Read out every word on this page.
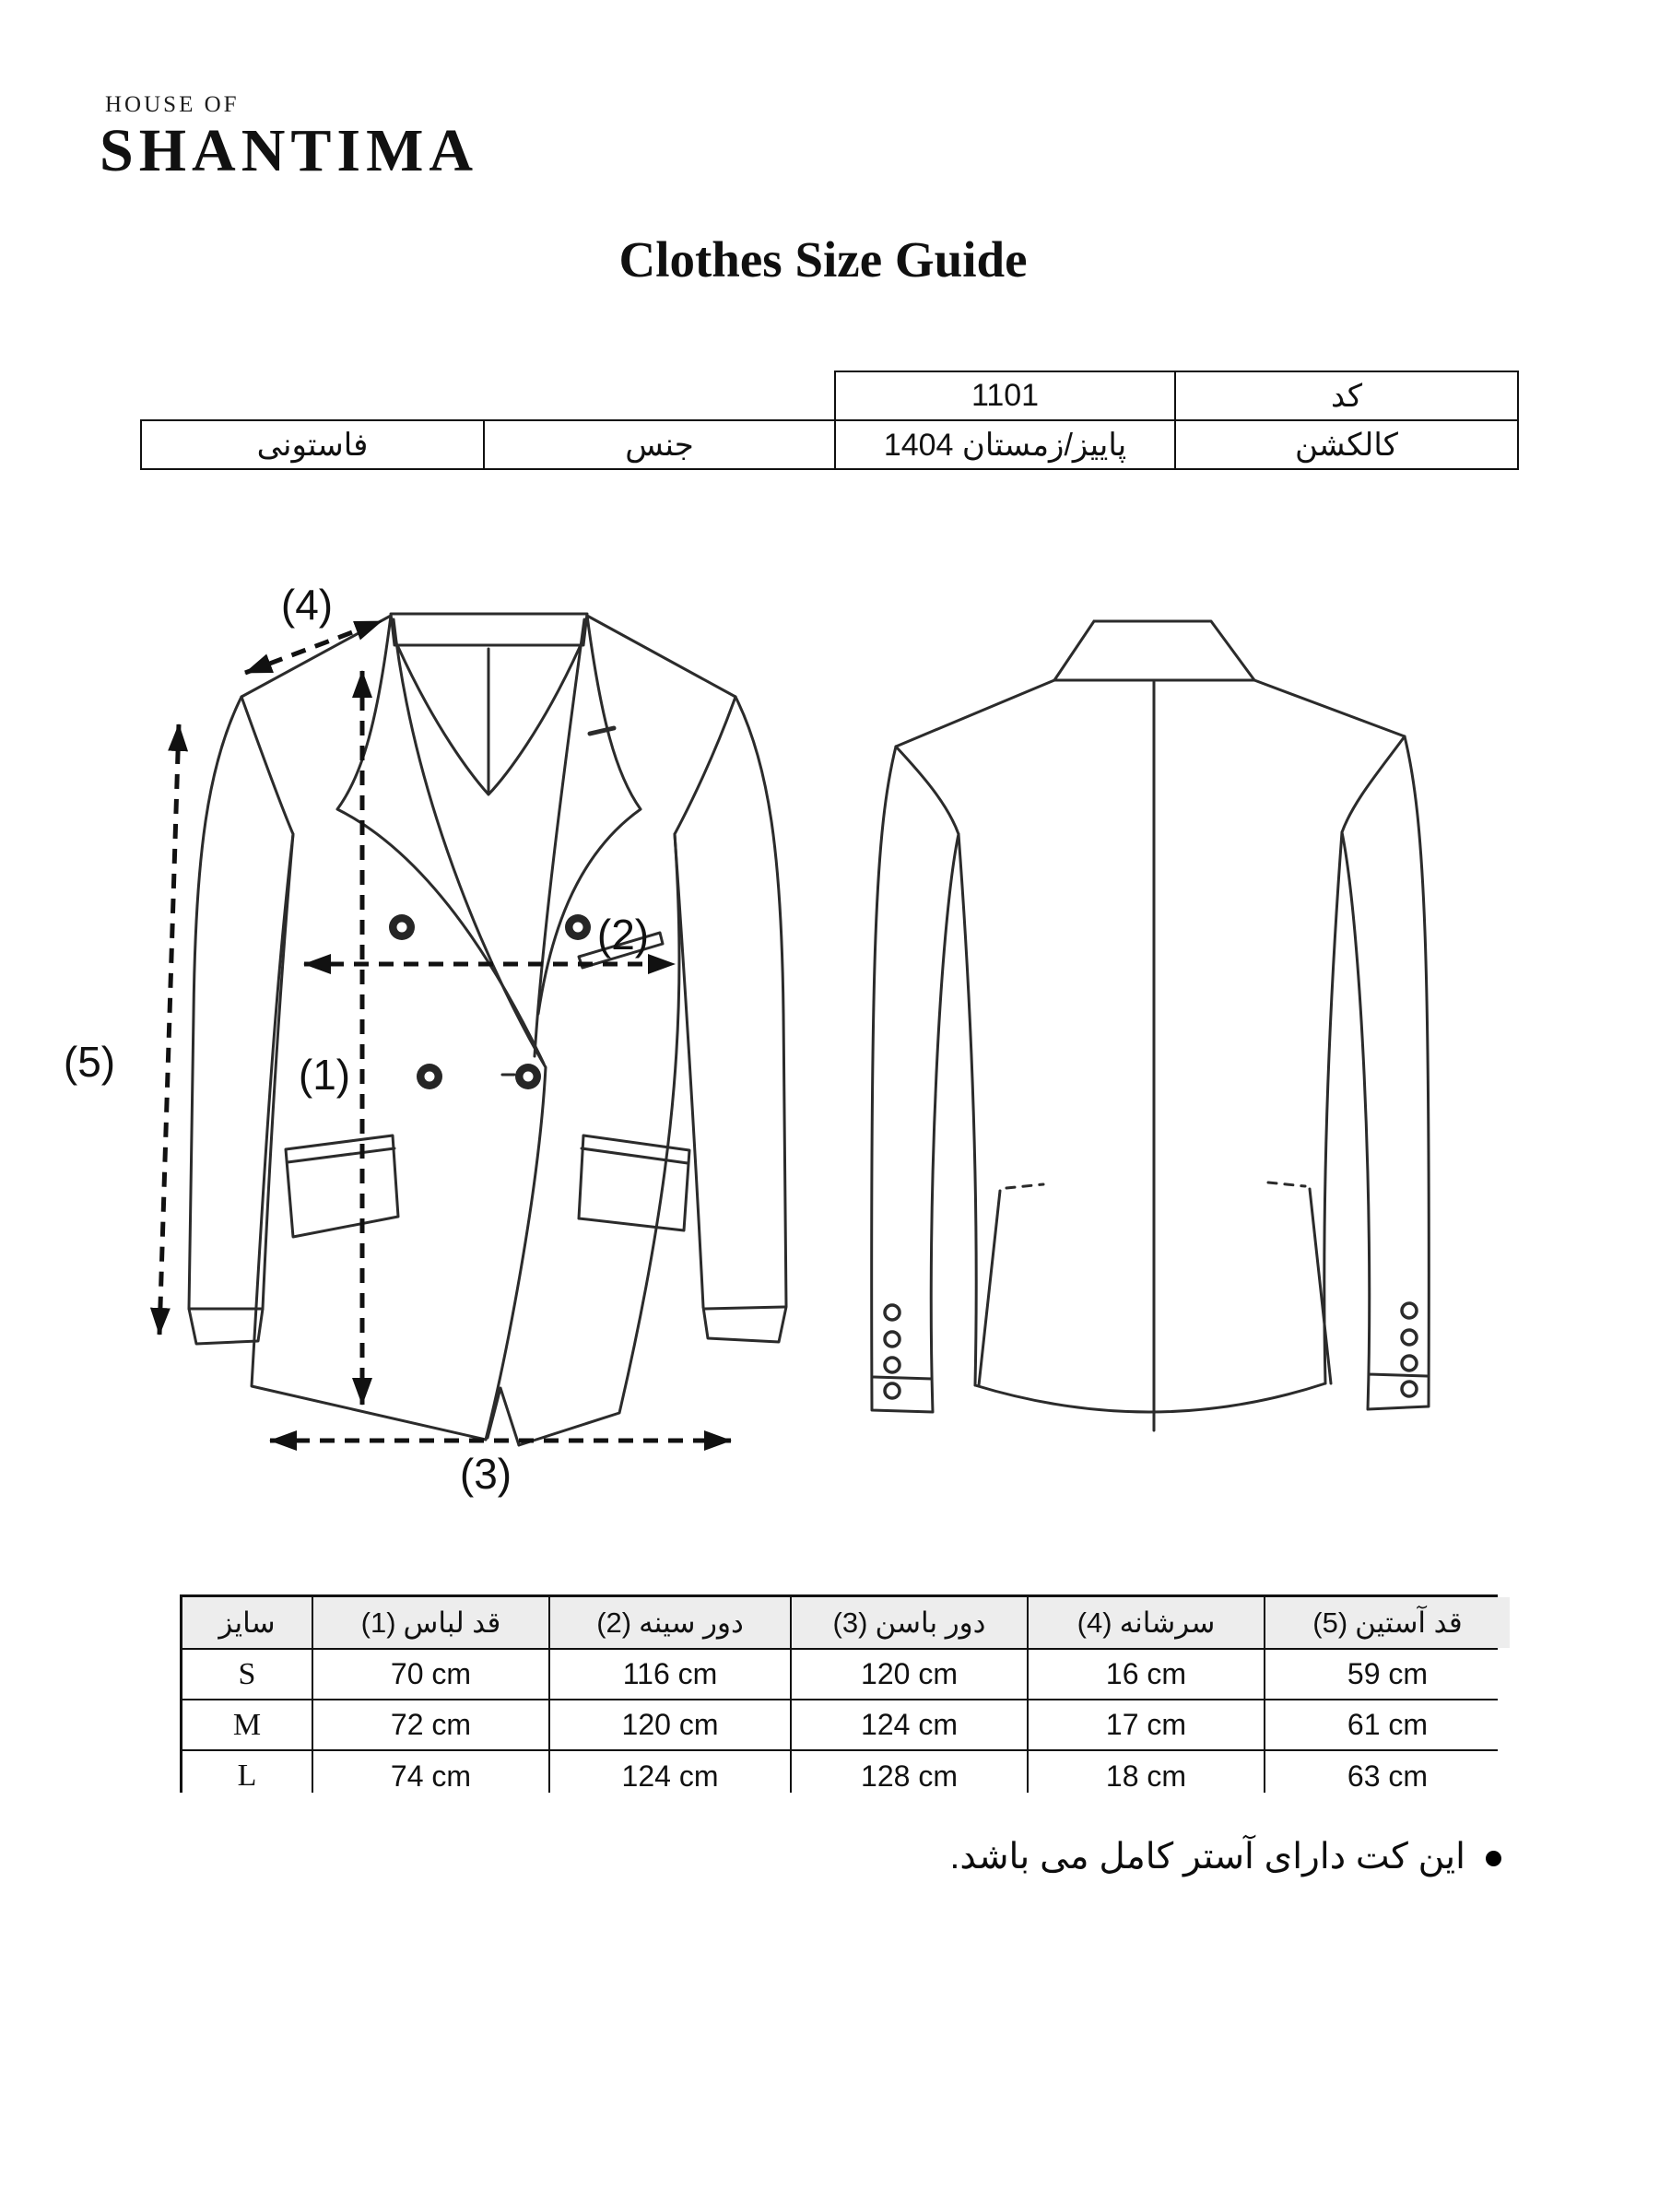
HOUSE OF
SHANTIMA
Clothes Size Guide
1101	کد
فاستونی	جنس	پاییز/زمستان 1404	کالکشن
(4)
(5)	(1)
(2)
(3)
سایز	(1) قد لباس	(2) دور سینه	(3) دور باسن	(4) سرشانه	(5) قد آستین
S	70 cm	116 cm	120 cm	16 cm	59 cm
M	72 cm	120 cm	124 cm	17 cm	61 cm
L	74 cm	124 cm	128 cm	18 cm	63 cm
این کت دارای آستر کامل می باشد.
